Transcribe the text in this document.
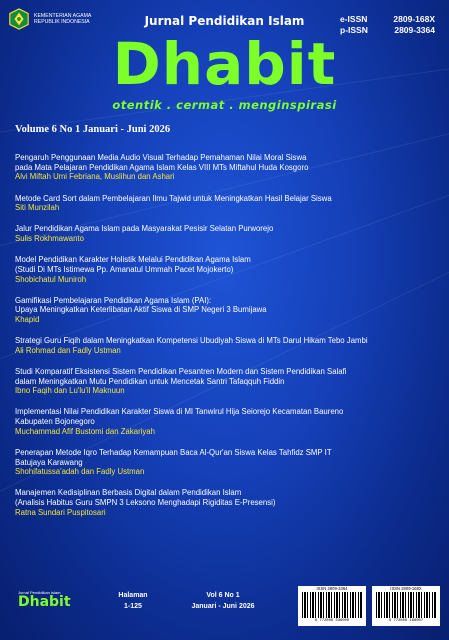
KEMENTERIAN AGAMA
REPUBLIK INDONESIA	Jurnal Pendidikan Islam	e-ISSN	2809-168X
p-ISSN	2809-3364
Dhabit
otentik . cermat . menginspirasi
Volume 6 No 1 Januari - Juni 2026
Pengaruh Penggunaan Media Audio Visual Terhadap Pemahaman Nilai Moral Siswa
pada Mata Pelajaran Pendidikan Agama Islam Kelas VIII MTs Miftahul Huda Kosgoro
Alvi Miftah Umi Febriana, Muslihun dan Ashari
Metode Card Sort dalam Pembelajaran Ilmu Tajwid untuk Meningkatkan Hasil Belajar Siswa
Siti Munzilah
Jalur Pendidikan Agama Islam pada Masyarakat Pesisir Selatan Purworejo
Sulis Rokhmawanto
Model Pendidikan Karakter Holistik Melalui Pendidikan Agama Islam
(Studi Di MTs Istimewa Pp. Amanatul Ummah Pacet Mojokerto)
Shobichatul Muniroh
Gamifikasi Pembelajaran Pendidikan Agama Islam (PAI):
Upaya Meningkatkan Keterlibatan Aktif Siswa di SMP Negeri 3 Bumijawa
Khapid
Strategi Guru Fiqih dalam Meningkatkan Kompetensi Ubudiyah Siswa di MTs Darul Hikam Tebo Jambi
Ali Rohmad dan Fadly Ustman
Studi Komparatif Eksistensi Sistem Pendidikan Pesantren Modern dan Sistem Pendidikan Salafi
dalam Meningkatkan Mutu Pendidikan untuk Mencetak Santri Tafaqquh Fiddin
Ibno Faqih dan Lu'lu'il Maknuun
Implementasi Nilai Pendidikan Karakter Siswa di MI Tanwirul Hija Seiorejo Kecamatan Baureno
Kabupaten Bojonegoro
Muchammad Afif Bustomi dan Zakariyah
Penerapan Metode Iqro Terhadap Kemampuan Baca Al-Qur'an Siswa Kelas Tahfidz SMP IT
Batujaya Karawang
Shohifatussa'adah dan Fadly Ustman
Manajemen Kedisiplinan Berbasis Digital dalam Pendidikan Islam
(Analisis Habitus Guru SMPN 3 Leksono Menghadapi Rigiditas E-Presensi)
Ratna Sundari Puspitosari
Jurnal Pendidikan Islam
Dhabit	Halaman
1-125
Vol 6 No 1
Januari - Juni 2026
ISSN 2809-3364
9 772809 336000
ISSN 2809-168X
9 772809 168007
